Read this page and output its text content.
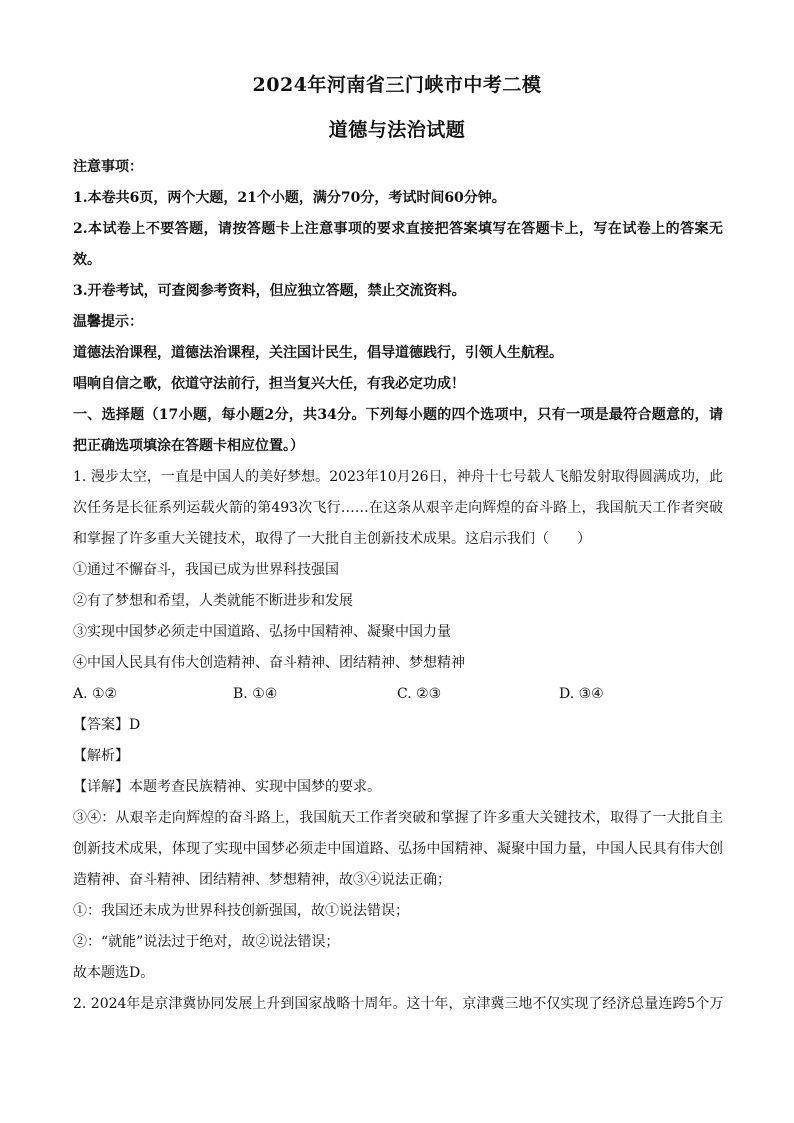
2024年河南省三门峡市中考二模
道德与法治试题
注意事项：
1.本卷共6页，两个大题，21个小题，满分70分，考试时间60分钟。
2.本试卷上不要答题，请按答题卡上注意事项的要求直接把答案填写在答题卡上，写在试卷上的答案无效。
3.开卷考试，可查阅参考资料，但应独立答题，禁止交流资料。
温馨提示：
道德法治课程，道德法治课程，关注国计民生，倡导道德践行，引领人生航程。
唱响自信之歌，依道守法前行，担当复兴大任，有我必定功成！
一、选择题（17小题，每小题2分，共34分。下列每小题的四个选项中，只有一项是最符合题意的，请把正确选项填涂在答题卡相应位置。）
1. 漫步太空，一直是中国人的美好梦想。2023年10月26日，神舟十七号载人飞船发射取得圆满成功，此次任务是长征系列运载火箭的第493次飞行……在这条从艰辛走向辉煌的奋斗路上，我国航天工作者突破和掌握了许多重大关键技术，取得了一大批自主创新技术成果。这启示我们（　　）
①通过不懈奋斗，我国已成为世界科技强国
②有了梦想和希望，人类就能不断进步和发展
③实现中国梦必须走中国道路、弘扬中国精神、凝聚中国力量
④中国人民具有伟大创造精神、奋斗精神、团结精神、梦想精神
A. ①②	B. ①④	C. ②③	D. ③④
【答案】D
【解析】
【详解】本题考查民族精神、实现中国梦的要求。
③④：从艰辛走向辉煌的奋斗路上，我国航天工作者突破和掌握了许多重大关键技术，取得了一大批自主创新技术成果，体现了实现中国梦必须走中国道路、弘扬中国精神、凝聚中国力量，中国人民具有伟大创造精神、奋斗精神、团结精神、梦想精神，故③④说法正确；
①：我国还未成为世界科技创新强国，故①说法错误；
②：“就能”说法过于绝对，故②说法错误；
故本题选D。
2. 2024年是京津冀协同发展上升到国家战略十周年。这十年，京津冀三地不仅实现了经济总量连跨5个万
